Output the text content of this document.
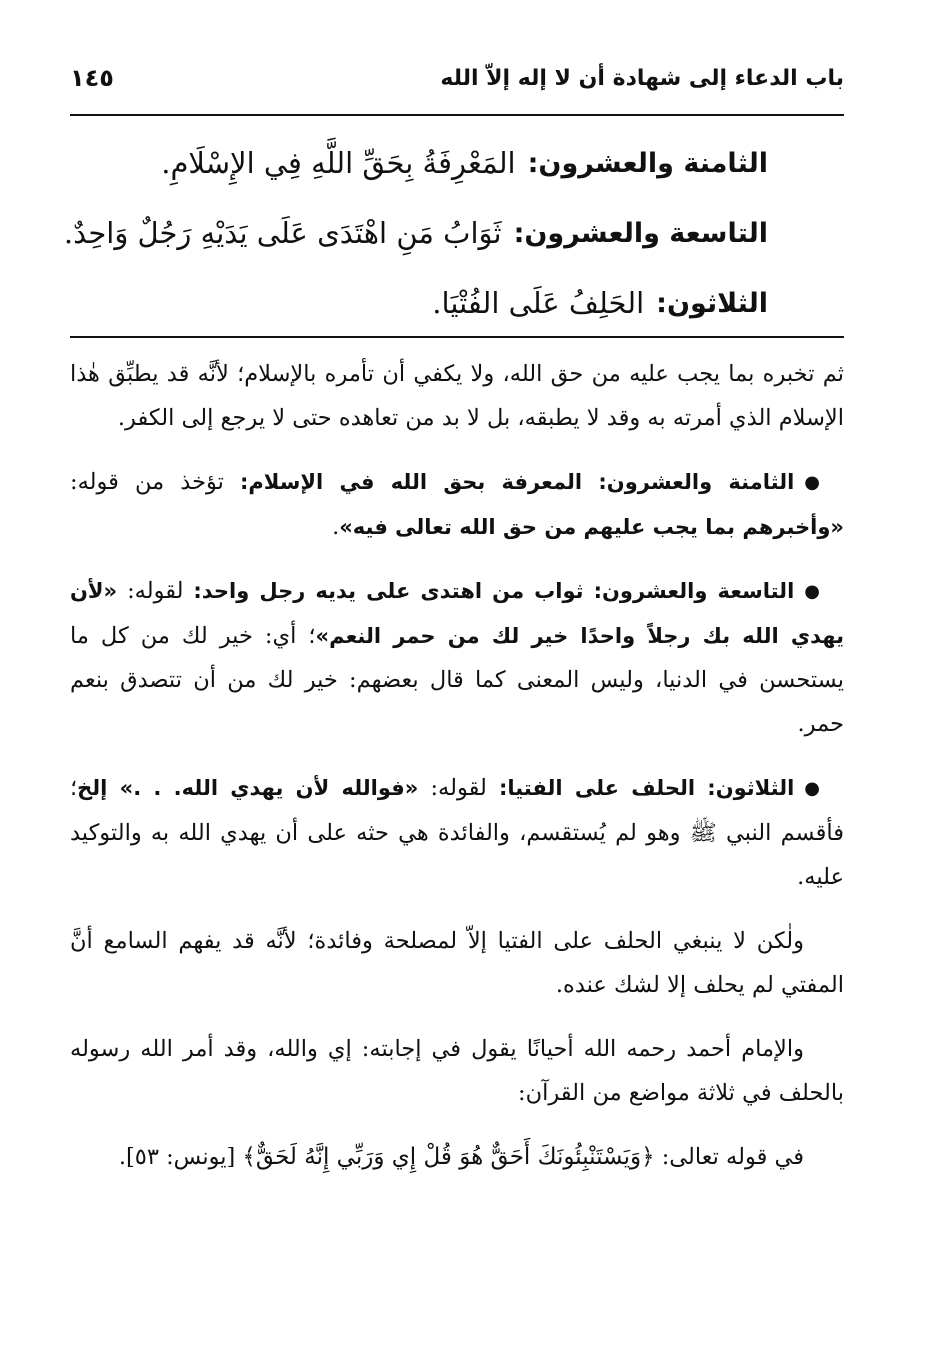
باب الدعاء إلى شهادة أن لا إله إلاّ الله
١٤٥
الثامنة والعشرون:
المَعْرِفَةُ بِحَقِّ اللَّهِ فِي الإِسْلَامِ.
التاسعة والعشرون:
ثَوَابُ مَنِ اهْتَدَى عَلَى يَدَيْهِ رَجُلٌ وَاحِدٌ.
الثلاثون:
الحَلِفُ عَلَى الفُتْيَا.

ثم تخبره بما يجب عليه من حق الله، ولا يكفي أن تأمره بالإسلام؛ لأنَّه قد يطبِّق هٰذا الإسلام الذي أمرته به وقد لا يطبقه، بل لا بد من تعاهده حتى لا يرجع إلى الكفر.

●الثامنة والعشرون: المعرفة بحق الله في الإسلام: تؤخذ من قوله: «وأخبرهم بما يجب عليهم من حق الله تعالى فيه».

●التاسعة والعشرون: ثواب من اهتدى على يديه رجل واحد: لقوله: «لأن يهدي الله بك رجلاً واحدًا خير لك من حمر النعم»؛ أي: خير لك من كل ما يستحسن في الدنيا، وليس المعنى كما قال بعضهم: خير لك من أن تتصدق بنعم حمر.

●الثلاثون: الحلف على الفتيا: لقوله: «فوالله لأن يهدي الله. . .» إلخ؛ فأقسم النبي ﷺ وهو لم يُستقسم، والفائدة هي حثه على أن يهدي الله به والتوكيد عليه.

ولٰكن لا ينبغي الحلف على الفتيا إلاّ لمصلحة وفائدة؛ لأنَّه قد يفهم السامع أنَّ المفتي لم يحلف إلا لشك عنده.

والإمام أحمد رحمه الله أحيانًا يقول في إجابته: إي والله، وقد أمر الله رسوله بالحلف في ثلاثة مواضع من القرآن:

في قوله تعالى: ﴿وَيَسْتَنْبِئُونَكَ أَحَقٌّ هُوَ قُلْ إِي وَرَبِّي إِنَّهُ لَحَقٌّ﴾ [يونس: ٥٣].
